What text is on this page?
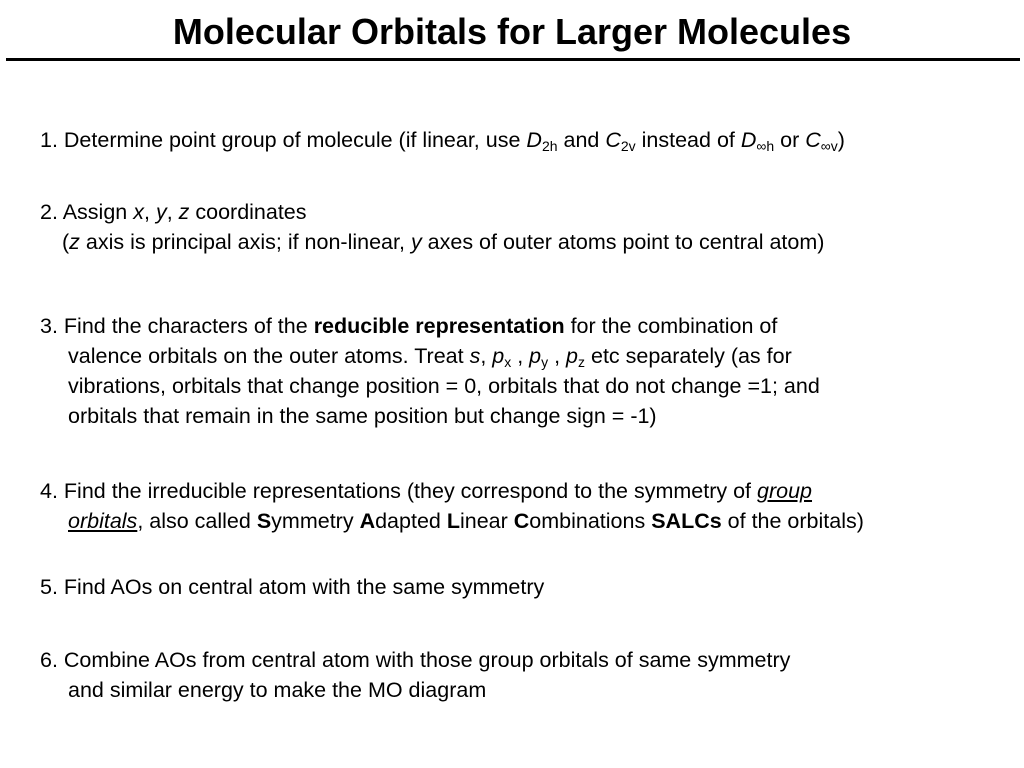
Molecular Orbitals for Larger Molecules
1. Determine point group of molecule (if linear, use $D_{2h}$ and $C_{2v}$ instead of $D_{\infty h}$ or $C_{\infty v}$)
2. Assign x, y, z coordinates
(z axis is principal axis; if non-linear, y axes of outer atoms point to central atom)
3. Find the characters of the reducible representation for the combination of
valence orbitals on the outer atoms. Treat s, $p_x$ , $p_y$ , $p_z$ etc separately (as for
vibrations, orbitals that change position = 0, orbitals that do not change =1; and
orbitals that remain in the same position but change sign = -1)
4. Find the irreducible representations (they correspond to the symmetry of group
orbitals, also called Symmetry Adapted Linear Combinations SALCs of the orbitals)
5. Find AOs on central atom with the same symmetry
6. Combine AOs from central atom with those group orbitals of same symmetry
and similar energy to make the MO diagram
